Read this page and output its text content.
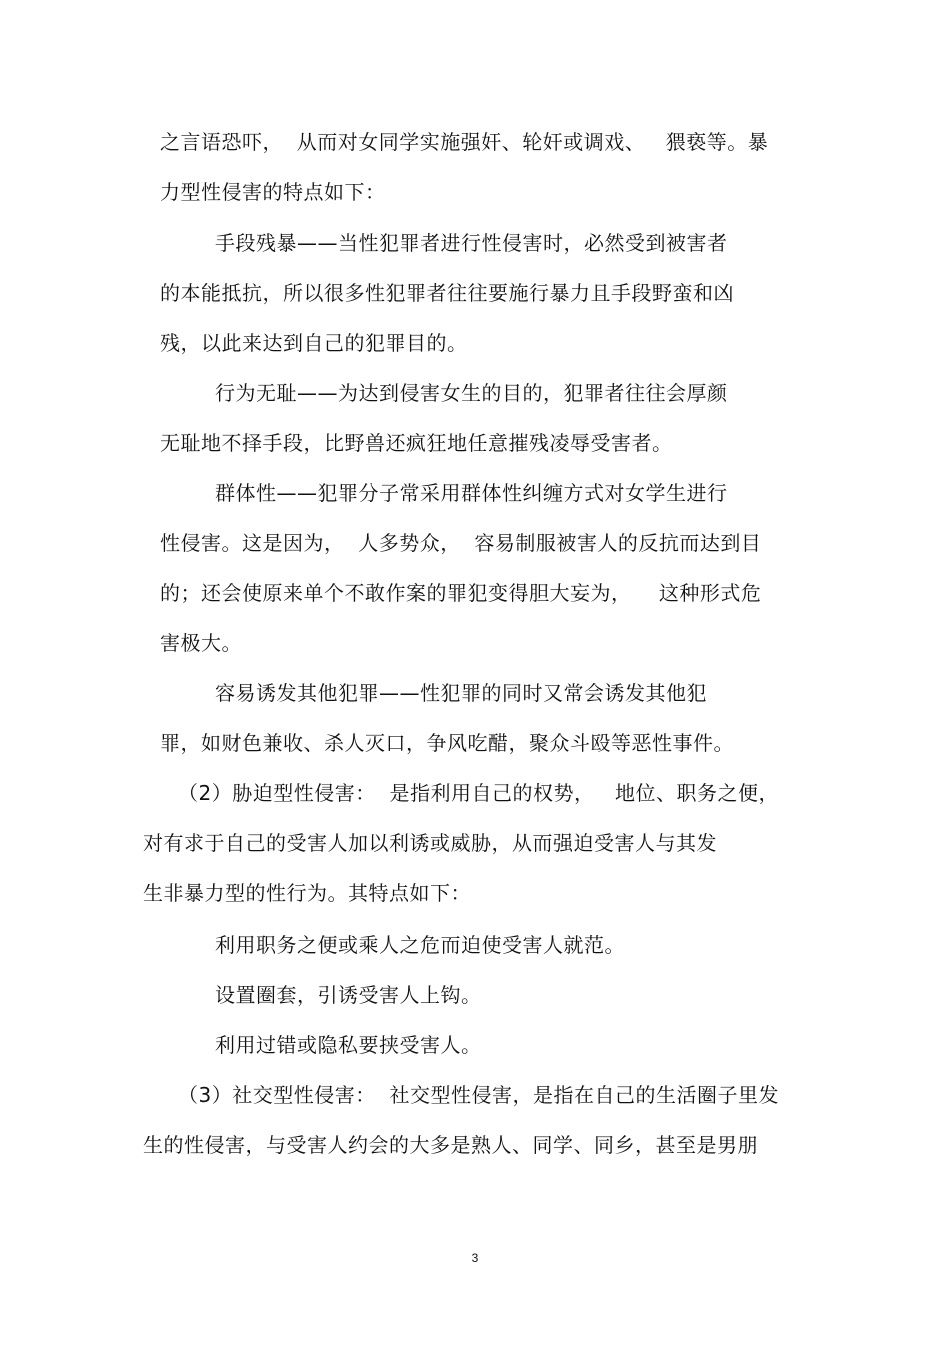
之言语恐吓，  从而对女同学实施强奸、轮奸或调戏、   猥亵等。暴
力型性侵害的特点如下：
手段残暴——当性犯罪者进行性侵害时，必然受到被害者
的本能抵抗，所以很多性犯罪者往往要施行暴力且手段野蛮和凶
残，以此来达到自己的犯罪目的。
行为无耻——为达到侵害女生的目的，犯罪者往往会厚颜
无耻地不择手段，比野兽还疯狂地任意摧残凌辱受害者。
群体性——犯罪分子常采用群体性纠缠方式对女学生进行
性侵害。这是因为，  人多势众，  容易制服被害人的反抗而达到目
的；还会使原来单个不敢作案的罪犯变得胆大妄为，    这种形式危
害极大。
容易诱发其他犯罪——性犯罪的同时又常会诱发其他犯
罪，如财色兼收、杀人灭口，争风吃醋，聚众斗殴等恶性事件。
（2）胁迫型性侵害：  是指利用自己的权势，   地位、职务之便，
对有求于自己的受害人加以利诱或威胁，从而强迫受害人与其发
生非暴力型的性行为。其特点如下：
利用职务之便或乘人之危而迫使受害人就范。
设置圈套，引诱受害人上钩。
利用过错或隐私要挟受害人。
（3）社交型性侵害：  社交型性侵害，是指在自己的生活圈子里发
生的性侵害，与受害人约会的大多是熟人、同学、同乡，甚至是男朋
3
